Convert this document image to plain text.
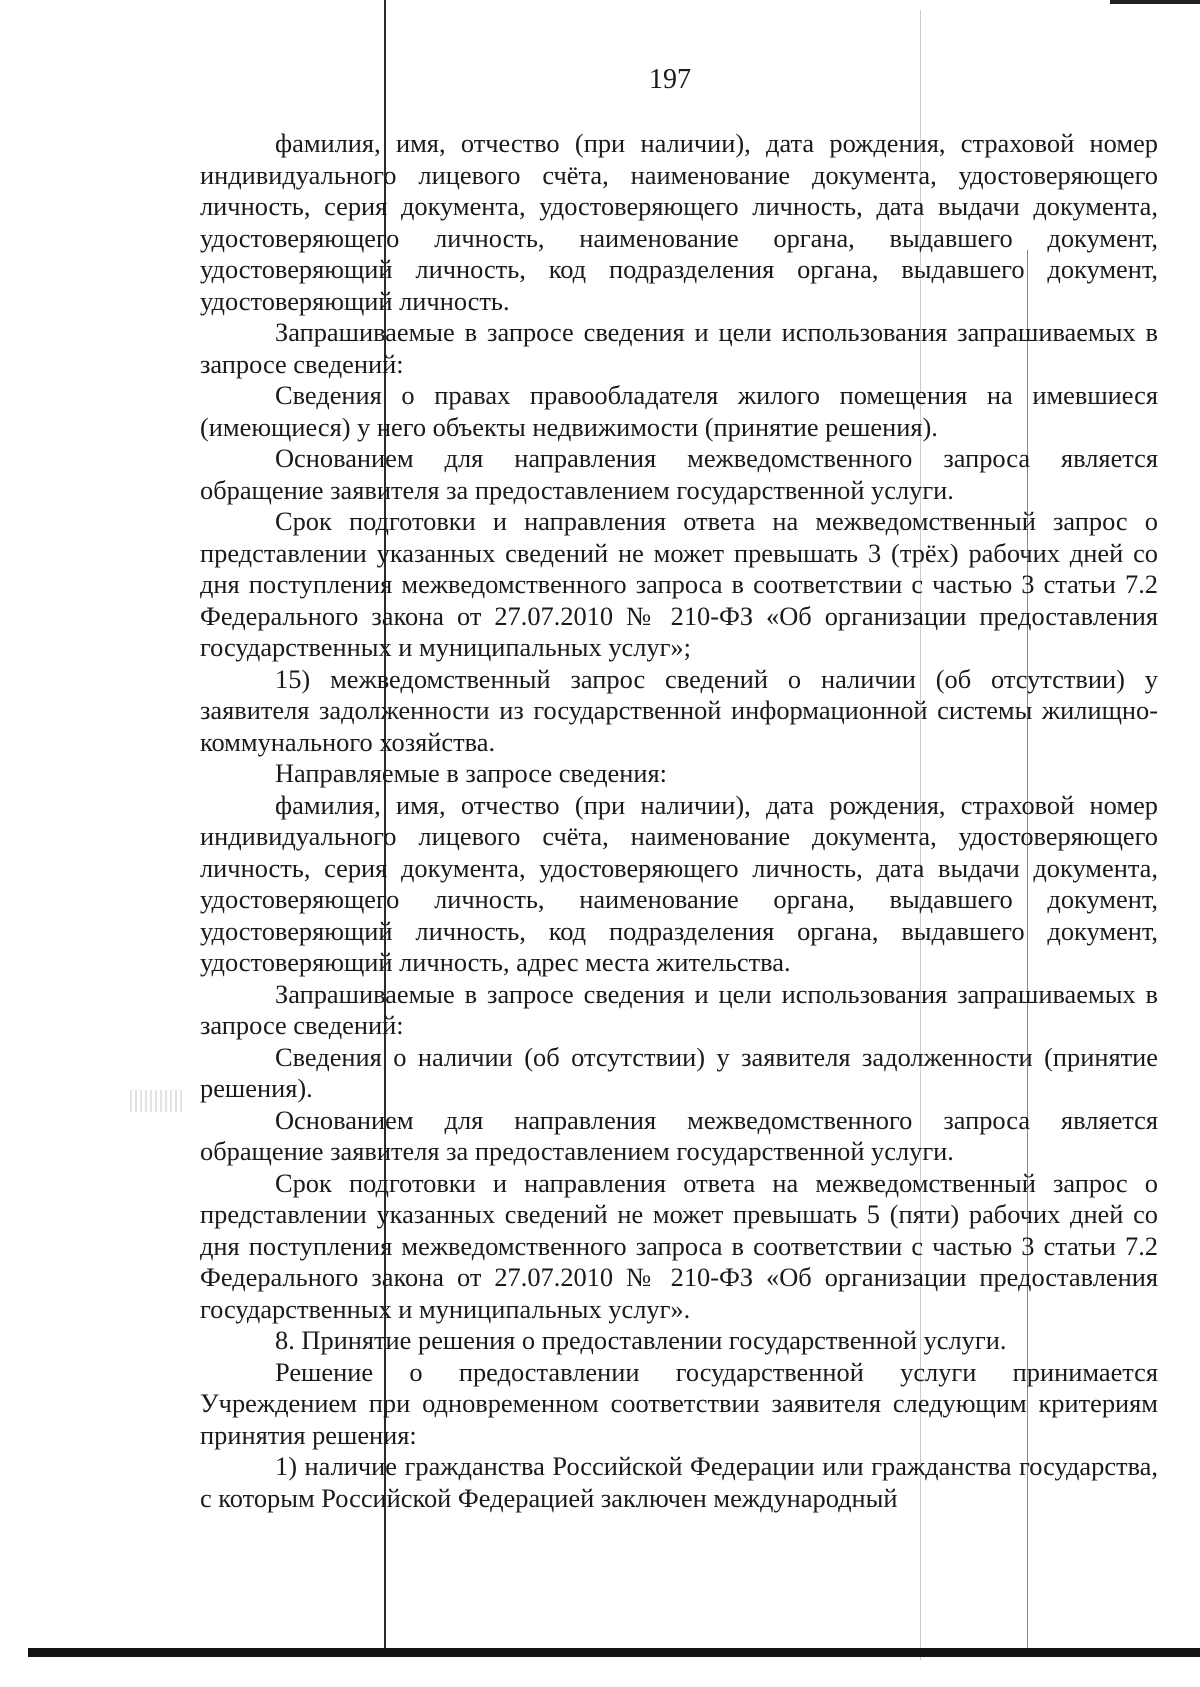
197

фамилия, имя, отчество (при наличии), дата рождения, страховой номер индивидуального лицевого счёта, наименование документа, удостоверяющего личность, серия документа, удостоверяющего личность, дата выдачи документа, удостоверяющего личность, наименование органа, выдавшего документ, удостоверяющий личность, код подразделения органа, выдавшего документ, удостоверяющий личность.

Запрашиваемые в запросе сведения и цели использования запрашиваемых в запросе сведений:

Сведения о правах правообладателя жилого помещения на имевшиеся (имеющиеся) у него объекты недвижимости (принятие решения).

Основанием для направления межведомственного запроса является обращение заявителя за предоставлением государственной услуги.

Срок подготовки и направления ответа на межведомственный запрос о представлении указанных сведений не может превышать 3 (трёх) рабочих дней со дня поступления межведомственного запроса в соответствии с частью 3 статьи 7.2 Федерального закона от 27.07.2010 № 210-ФЗ «Об организации предоставления государственных и муниципальных услуг»;

15) межведомственный запрос сведений о наличии (об отсутствии) у заявителя задолженности из государственной информационной системы жилищно-коммунального хозяйства.

Направляемые в запросе сведения:

фамилия, имя, отчество (при наличии), дата рождения, страховой номер индивидуального лицевого счёта, наименование документа, удостоверяющего личность, серия документа, удостоверяющего личность, дата выдачи документа, удостоверяющего личность, наименование органа, выдавшего документ, удостоверяющий личность, код подразделения органа, выдавшего документ, удостоверяющий личность, адрес места жительства.

Запрашиваемые в запросе сведения и цели использования запрашиваемых в запросе сведений:

Сведения о наличии (об отсутствии) у заявителя задолженности (принятие решения).

Основанием для направления межведомственного запроса является обращение заявителя за предоставлением государственной услуги.

Срок подготовки и направления ответа на межведомственный запрос о представлении указанных сведений не может превышать 5 (пяти) рабочих дней со дня поступления межведомственного запроса в соответствии с частью 3 статьи 7.2 Федерального закона от 27.07.2010 № 210-ФЗ «Об организации предоставления государственных и муниципальных услуг».

8. Принятие решения о предоставлении государственной услуги.

Решение о предоставлении государственной услуги принимается Учреждением при одновременном соответствии заявителя следующим критериям принятия решения:

1) наличие гражданства Российской Федерации или гражданства государства, с которым Российской Федерацией заключен международный
